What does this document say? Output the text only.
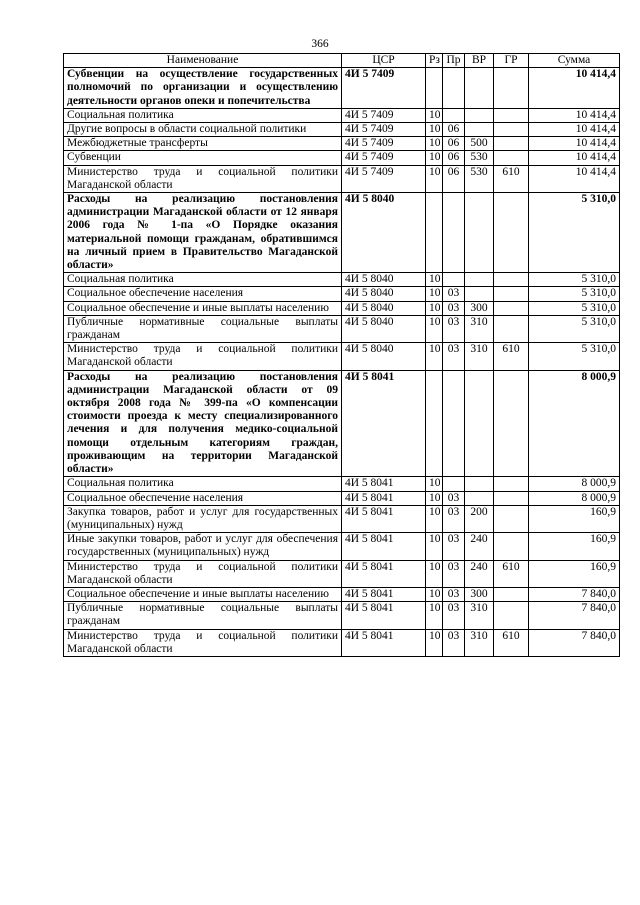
366
Наименование	ЦСР	Рз	Пр	ВР	ГР	Сумма
Субвенции на осуществление государственных полномочий по организации и осуществлению деятельности органов опеки и попечительства	4И 5 7409					10 414,4
Социальная политика	4И 5 7409	10				10 414,4
Другие вопросы в области социальной политики	4И 5 7409	10	06			10 414,4
Межбюджетные трансферты	4И 5 7409	10	06	500		10 414,4
Субвенции	4И 5 7409	10	06	530		10 414,4
Министерство труда и социальной политики Магаданской области	4И 5 7409	10	06	530	610	10 414,4
Расходы на реализацию постановления администрации Магаданской области от 12 января 2006 года № 1-па «О Порядке оказания материальной помощи гражданам, обратившимся на личный прием в Правительство Магаданской области»	4И 5 8040					5 310,0
Социальная политика	4И 5 8040	10				5 310,0
Социальное обеспечение населения	4И 5 8040	10	03			5 310,0
Социальное обеспечение и иные выплаты населению	4И 5 8040	10	03	300		5 310,0
Публичные нормативные социальные выплаты гражданам	4И 5 8040	10	03	310		5 310,0
Министерство труда и социальной политики Магаданской области	4И 5 8040	10	03	310	610	5 310,0
Расходы на реализацию постановления администрации Магаданской области от 09 октября 2008 года № 399-па «О компенсации стоимости проезда к месту специализированного лечения и для получения медико-социальной помощи отдельным категориям граждан, проживающим на территории Магаданской области»	4И 5 8041					8 000,9
Социальная политика	4И 5 8041	10				8 000,9
Социальное обеспечение населения	4И 5 8041	10	03			8 000,9
Закупка товаров, работ и услуг для государственных (муниципальных) нужд	4И 5 8041	10	03	200		160,9
Иные закупки товаров, работ и услуг для обеспечения государственных (муниципальных) нужд	4И 5 8041	10	03	240		160,9
Министерство труда и социальной политики Магаданской области	4И 5 8041	10	03	240	610	160,9
Социальное обеспечение и иные выплаты населению	4И 5 8041	10	03	300		7 840,0
Публичные нормативные социальные выплаты гражданам	4И 5 8041	10	03	310		7 840,0
Министерство труда и социальной политики Магаданской области	4И 5 8041	10	03	310	610	7 840,0
